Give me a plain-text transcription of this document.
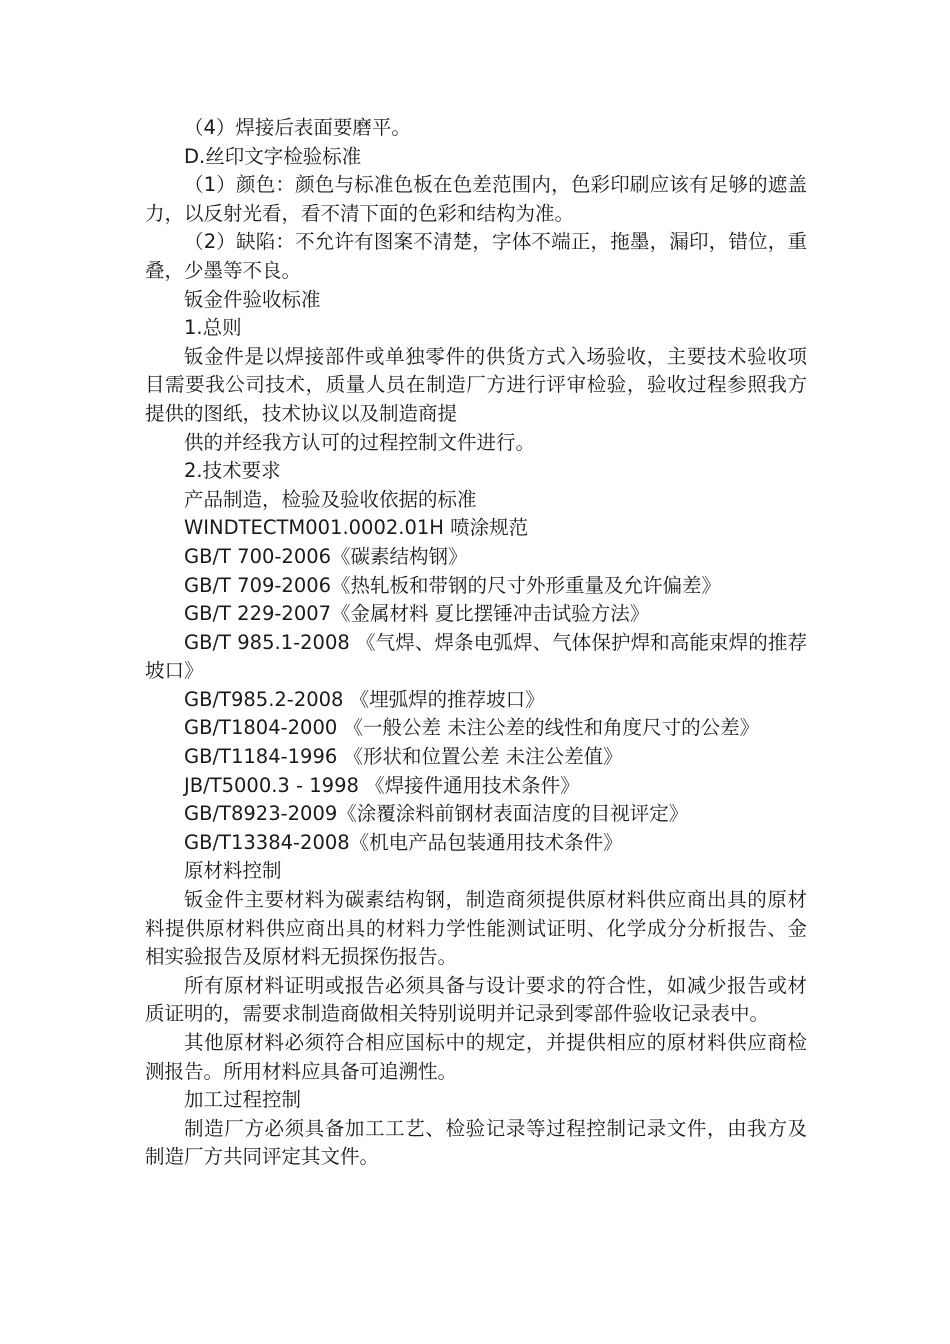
（4）焊接后表面要磨平。

D.丝印文字检验标准

（1）颜色：颜色与标准色板在色差范围内，色彩印刷应该有足够的遮盖力，以反射光看，看不清下面的色彩和结构为准。

（2）缺陷：不允许有图案不清楚，字体不端正，拖墨，漏印，错位，重叠，少墨等不良。

钣金件验收标准

1.总则

钣金件是以焊接部件或单独零件的供货方式入场验收，主要技术验收项目需要我公司技术，质量人员在制造厂方进行评审检验，验收过程参照我方提供的图纸，技术协议以及制造商提

供的并经我方认可的过程控制文件进行。

2.技术要求

产品制造，检验及验收依据的标准

WINDTECTM001.0002.01H 喷涂规范

GB/T 700-2006《碳素结构钢》

GB/T 709-2006《热轧板和带钢的尺寸外形重量及允许偏差》

GB/T 229-2007《金属材料 夏比摆锤冲击试验方法》

GB/T 985.1-2008 《气焊、焊条电弧焊、气体保护焊和高能束焊的推荐坡口》

GB/T985.2-2008 《埋弧焊的推荐坡口》

GB/T1804-2000 《一般公差 未注公差的线性和角度尺寸的公差》

GB/T1184-1996 《形状和位置公差 未注公差值》

JB/T5000.3 - 1998 《焊接件通用技术条件》

GB/T8923-2009《涂覆涂料前钢材表面洁度的目视评定》

GB/T13384-2008《机电产品包装通用技术条件》

原材料控制

钣金件主要材料为碳素结构钢，制造商须提供原材料供应商出具的原材料提供原材料供应商出具的材料力学性能测试证明、化学成分分析报告、金相实验报告及原材料无损探伤报告。

所有原材料证明或报告必须具备与设计要求的符合性，如减少报告或材质证明的，需要求制造商做相关特别说明并记录到零部件验收记录表中。

其他原材料必须符合相应国标中的规定，并提供相应的原材料供应商检测报告。所用材料应具备可追溯性。

加工过程控制

制造厂方必须具备加工工艺、检验记录等过程控制记录文件，由我方及制造厂方共同评定其文件。
